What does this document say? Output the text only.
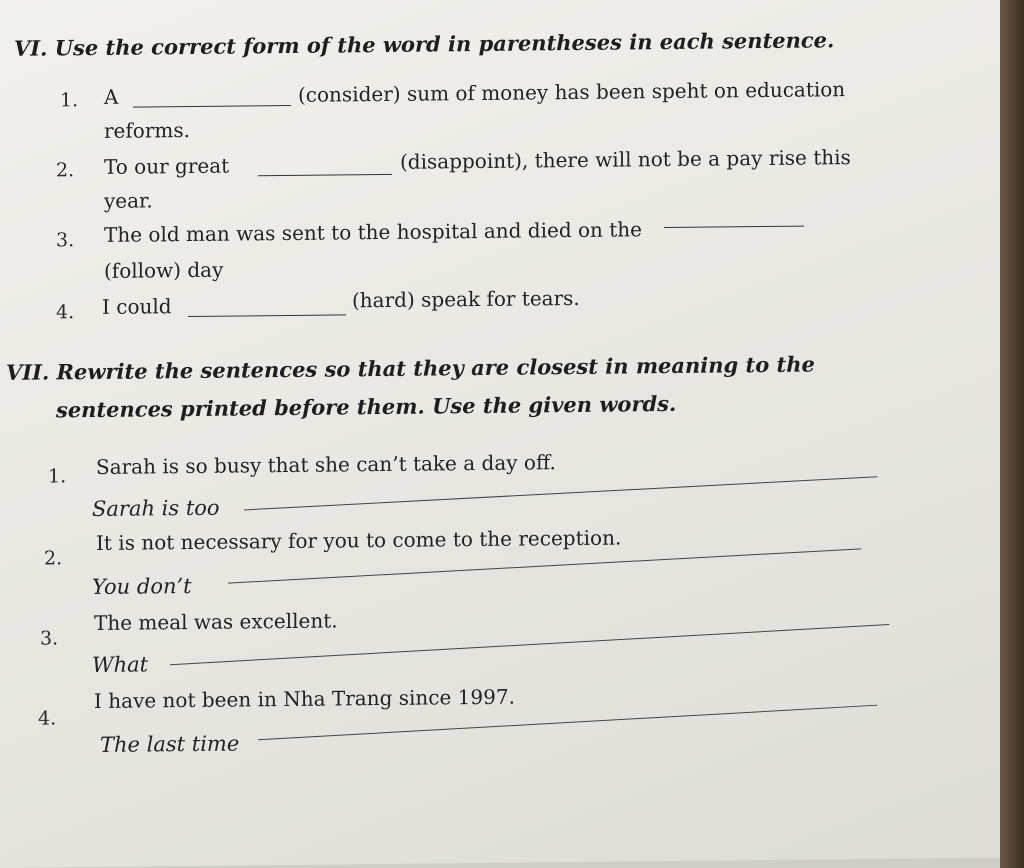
VI. Use the correct form of the word in parentheses in each sentence.
1. A	(consider) sum of money has been speht on education
reforms.
2. To our great	(disappoint), there will not be a pay rise this
year.
3. The old man was sent to the hospital and died on the
(follow) day
4. I could	(hard) speak for tears.
VII. Rewrite the sentences so that they are closest in meaning to the
sentences printed before them. Use the given words.
1. Sarah is so busy that she can’t take a day off.
Sarah is too
2.
It is not necessary for you to come to the reception.
You don’t
3.
The meal was excellent.
What
4.
I have not been in Nha Trang since 1997.
The last time
